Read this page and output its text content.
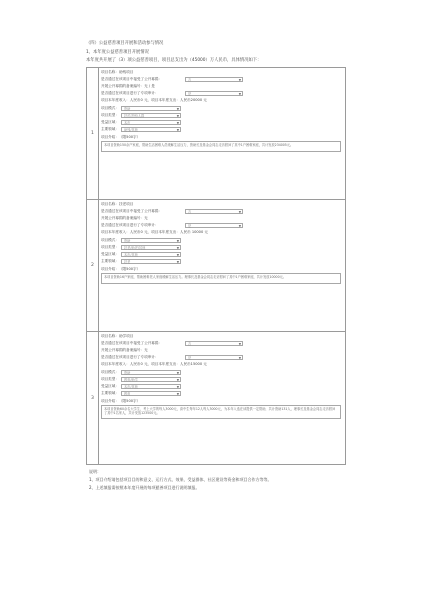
（四）公益慈善项目开展和活动参与情况
1、本年度公益慈善项目开展情况
本年度共开展了（3）项公益慈善项目，项目总支出为（45000）万人民币，具体情况如下：
1
项目名称：助残项目
是否通过在该项目中接受了公开募捐：	否	▼
开展公开募捐的备案编号：无 / 是
是否通过在该项目进行了专项审计：	是	▼
项目本年度收入：人民币0 元，项目本年度支出：人民币20000 元
项目模式：	资助	▼
项目类型：	扶贫济困/人群	▼
受益区域：	本市	▼
主要领域：	助残/其他	▼
项目介绍：（限500字）
本项目资助150余户家庭，帮助生活困难人员缓解生活压力，资助长及基金会同志走访慰问了其中1户困难家庭，共计发放234005元。
2
项目名称：扶老项目
是否通过在该项目中接受了公开募捐：	否	▼
开展公开募捐的备案编号：无
是否通过在该项目进行了专项审计：	是	▼
项目本年度收入：人民币0 元，项目本年度支出：人民币 10000 元
项目模式：	资助	▼
项目类型：	扶老/助老/其他	▼
受益区域：	本市/其他	▼
主要领域：	扶老	▼
项目介绍：（限500字）
本项目资助16户家庭，帮助困难老人家庭缓解生活压力。理事长及基金会同志走访慰问了其中1户困难家庭，共计发放10000元。
3
项目名称：助学项目
是否通过在该项目中接受了公开募捐：	否	▼
开展公开募捐的备案编号：无
是否通过在该项目进行了专项审计：	是	▼
项目本年度收入：人民币0 元，项目本年度支出：人民币15000 元
项目模式：	资助	▼
项目类型：	教育/助学	▼
受益区域：	本市/其他	▼
主要领域：	教育	▼
项目介绍：（限500字）
本项目资助60余名大学生，考上大学的每人3000元，高中生每年12人每人3000元，为本年入选在读提供一定帮助，共计资助131人，理事长及基金会同志走访慰问了其中1名家人，共计发放123500元。
说明：
1、项目介绍请包括项目目的和意义、运行方式、效果、受益群体、社区建设等资金和项目合作方等等。
2、上述填报需按照本年度开展的每项慈善项目进行说明填报。
